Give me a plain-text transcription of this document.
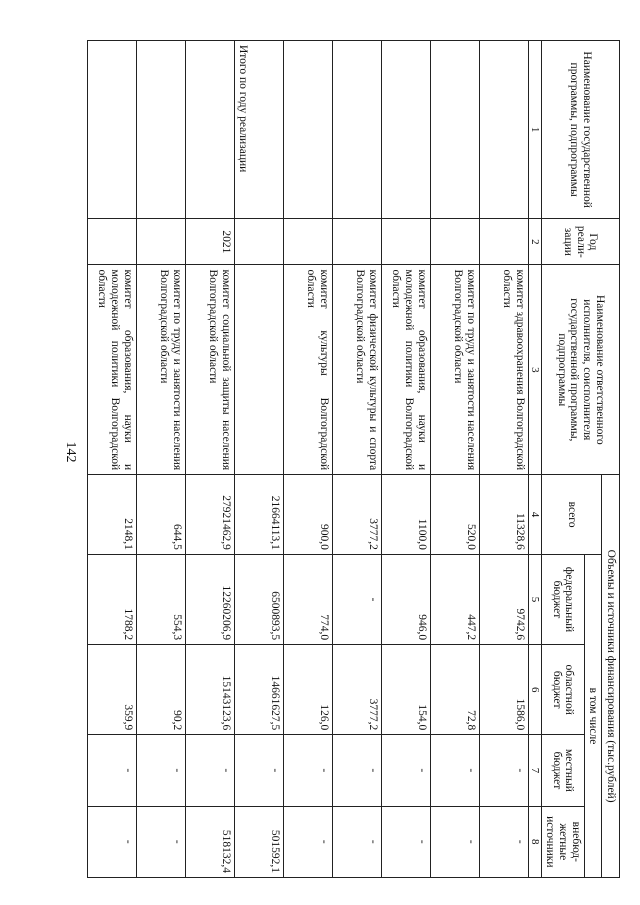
142
Наименование государственной программы, подпрограммы	Год реали-зации	Наименование ответственного исполнителя, соисполнителя государственной программы, подпрограммы	Объемы и источники финансирования (тыс.рублей)				
			всего	в том числе			
				федеральный бюджет	областной бюджет	местный бюджет	внебюд-жетные источники
1	2	3	4	5	6	7	8
		комитет здравоохранения Волгоградской области	11328,6	9742,6	1586,0	-	-
		комитет по труду и занятости населения Волгоградской области	520,0	447,2	72,8	-	-
		комитет образования, науки и молодежной политики Волгоградской области	1100,0	946,0	154,0	-	-
		комитет физической культуры и спорта Волгоградской области	3777,2	-	3777,2	-	-
		комитет культуры Волгоградской области	900,0	774,0	126,0	-	-
Итого по году реализации			21664113,1	6500893,5	14661627,5	-	501592,1
	2021	комитет социальной защиты населения Волгоградской области	27921462,9	12260206,9	15143123,6	-	518132,4
		комитет по труду и занятости населения Волгоградской области	644,5	554,3	90,2	-	-
		комитет образования, науки и молодежной политики Волгоградской области	2148,1	1788,2	359,9	-	-
